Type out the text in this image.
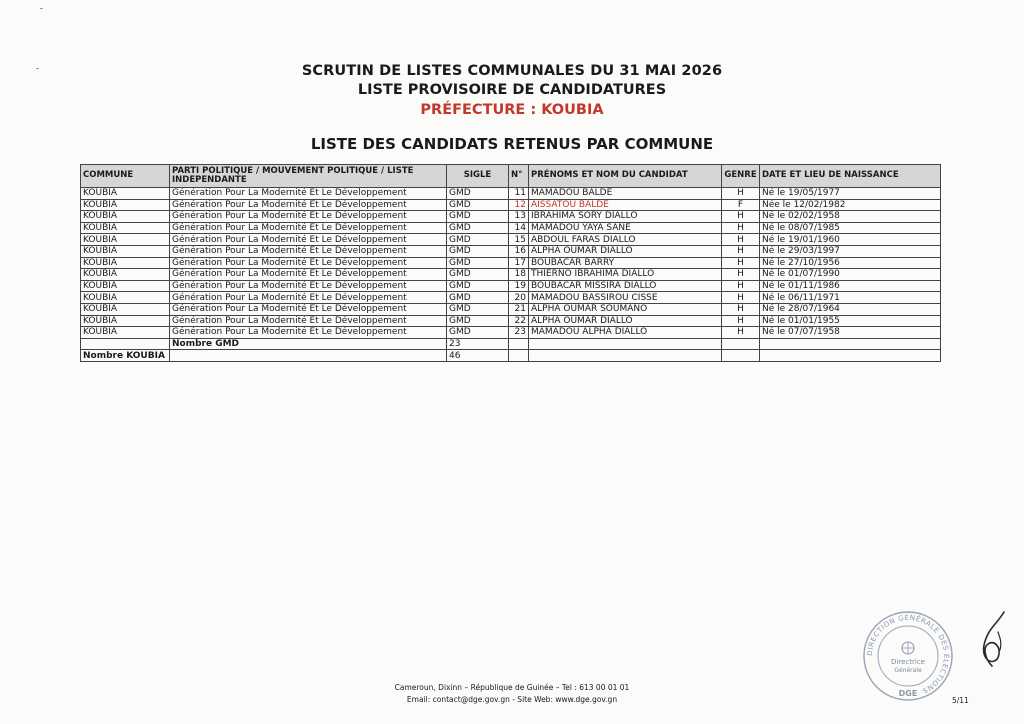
SCRUTIN DE LISTES COMMUNALES DU 31 MAI 2026
LISTE PROVISOIRE DE CANDIDATURES
PRÉFECTURE : KOUBIA
LISTE DES CANDIDATS RETENUS PAR COMMUNE
COMMUNE	PARTI POLITIQUE / MOUVEMENT POLITIQUE / LISTE INDEPENDANTE	SIGLE	N°	PRÉNOMS ET NOM DU CANDIDAT	GENRE	DATE ET LIEU DE NAISSANCE
KOUBIA	Génération Pour La Modernité Et Le Développement	GMD	11	MAMADOU BALDÉ	H	Né le 19/05/1977
KOUBIA	Génération Pour La Modernité Et Le Développement	GMD	12	AISSATOU BALDE	F	Née le 12/02/1982
KOUBIA	Génération Pour La Modernité Et Le Développement	GMD	13	IBRAHIMA SORY DIALLO	H	Né le 02/02/1958
KOUBIA	Génération Pour La Modernité Et Le Développement	GMD	14	MAMADOU YAYA SANE	H	Né le 08/07/1985
KOUBIA	Génération Pour La Modernité Et Le Développement	GMD	15	ABDOUL FARAS DIALLO	H	Né le 19/01/1960
KOUBIA	Génération Pour La Modernité Et Le Développement	GMD	16	ALPHA OUMAR DIALLO	H	Né le 29/03/1997
KOUBIA	Génération Pour La Modernité Et Le Développement	GMD	17	BOUBACAR BARRY	H	Né le 27/10/1956
KOUBIA	Génération Pour La Modernité Et Le Développement	GMD	18	THIERNO IBRAHIMA DIALLO	H	Né le 01/07/1990
KOUBIA	Génération Pour La Modernité Et Le Développement	GMD	19	BOUBACAR MISSIRA DIALLO	H	Né le 01/11/1986
KOUBIA	Génération Pour La Modernité Et Le Développement	GMD	20	MAMADOU BASSIROU CISSE	H	Né le 06/11/1971
KOUBIA	Génération Pour La Modernité Et Le Développement	GMD	21	ALPHA OUMAR SOUMANO	H	Né le 28/07/1964
KOUBIA	Génération Pour La Modernité Et Le Développement	GMD	22	ALPHA OUMAR DIALLO	H	Né le 01/01/1955
KOUBIA	Génération Pour La Modernité Et Le Développement	GMD	23	MAMADOU ALPHA DIALLO	H	Né le 07/07/1958
	Nombre GMD	23				
Nombre KOUBIA		46				
DIRECTION GÉNÉRALE DES ÉLECTIONS
Directrice
Générale
DGE
Cameroun, Dixinn – République de Guinée – Tel : 613 00 01 01
Email: contact@dge.gov.gn - Site Web: www.dge.gov.gn	5/11
